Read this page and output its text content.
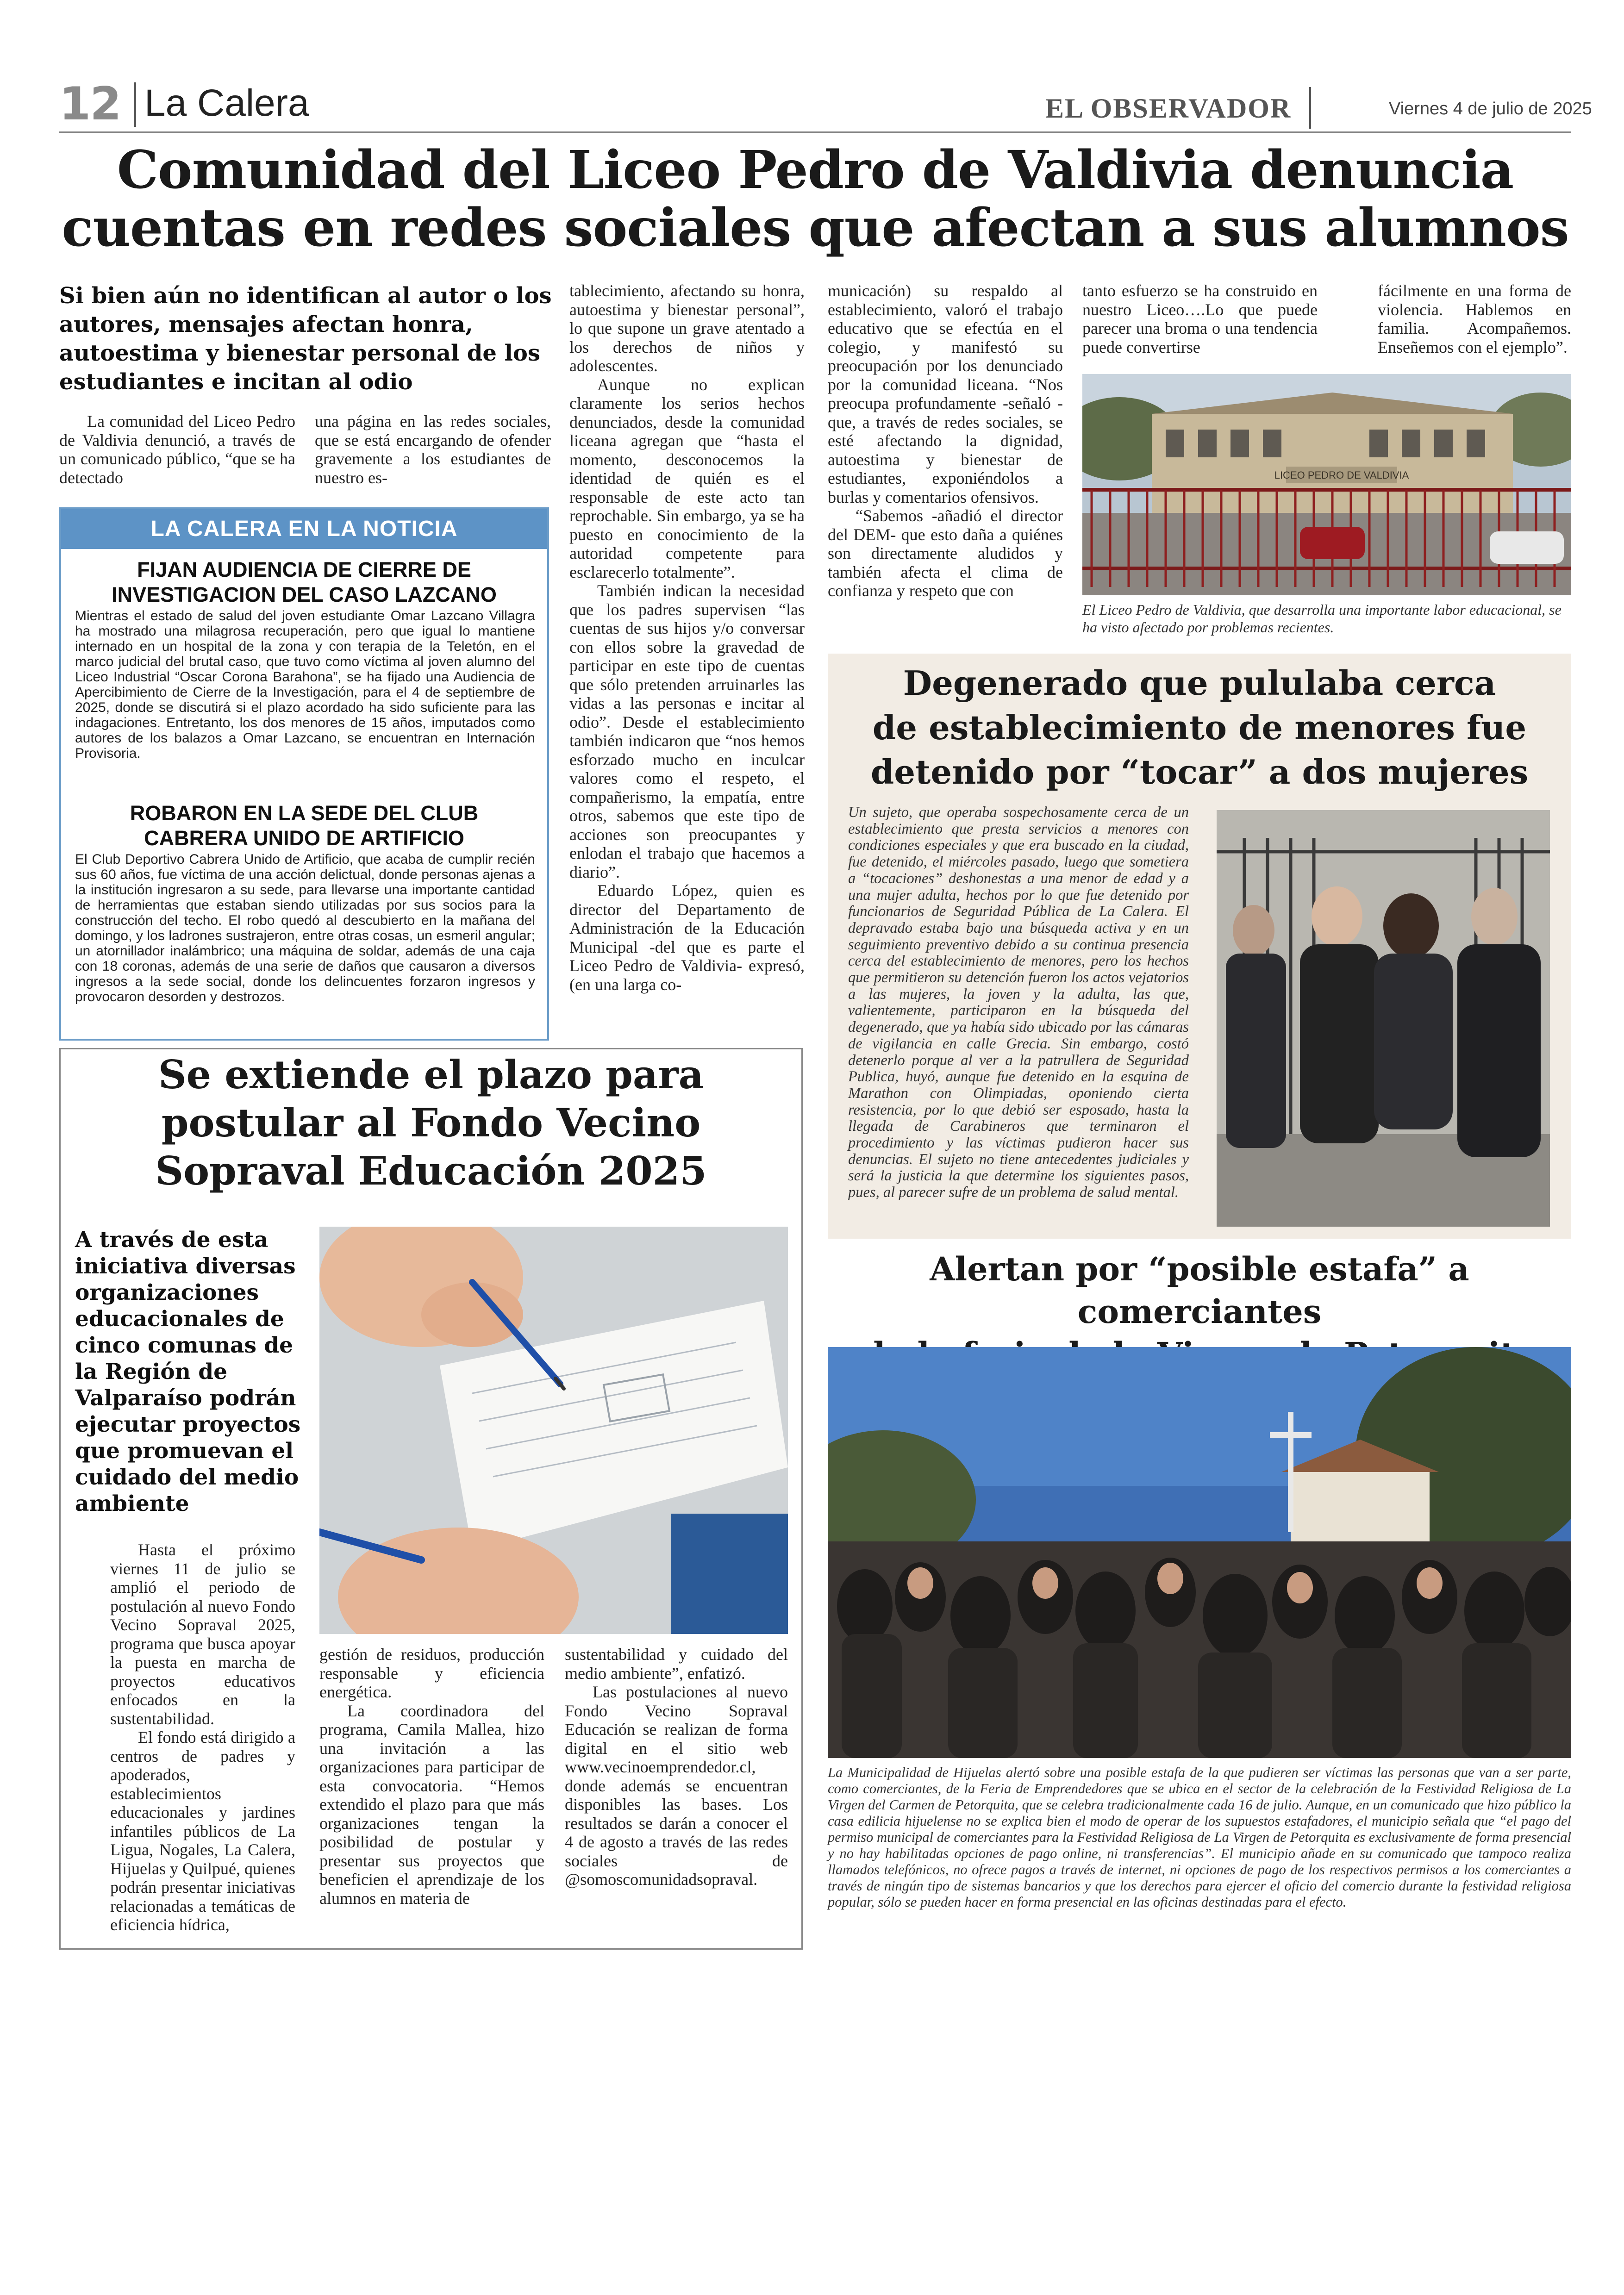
12 La Calera	EL OBSERVADOR	Viernes 4 de julio de 2025
Comunidad del Liceo Pedro de Valdivia denuncia
cuentas en redes sociales que afectan a sus alumnos
Si bien aún no identifican al autor o los autores, mensajes afectan honra, autoestima y bienestar personal de los estudiantes e incitan al odio

La comunidad del Liceo Pedro de Valdivia denunció, a través de un comunicado público, “que se ha detectado

una página en las redes sociales, que se está encargando de ofender gravemente a los estudiantes de nuestro es-

tablecimiento, afectando su honra, autoestima y bienestar personal”, lo que supone un grave atentado a los derechos de niños y adolescentes.

Aunque no explican claramente los serios hechos denunciados, desde la comunidad liceana agregan que “hasta el momento, desconocemos la identidad de quién es el responsable de este acto tan reprochable. Sin embargo, ya se ha puesto en conocimiento de la autoridad competente para esclarecerlo totalmente”.

También indican la necesidad que los padres supervisen “las cuentas de sus hijos y/o conversar con ellos sobre la gravedad de participar en este tipo de cuentas que sólo pretenden arruinarles las vidas a las personas e incitar al odio”. Desde el establecimiento también indicaron que “nos hemos esforzado mucho en inculcar valores como el respeto, el compañerismo, la empatía, entre otros, sabemos que este tipo de acciones son preocupantes y enlodan el trabajo que hacemos a diario”.

Eduardo López, quien es director del Departamento de Administración de la Educación Municipal -del que es parte el Liceo Pedro de Valdivia- expresó, (en una larga co-

municación) su respaldo al establecimiento, valoró el trabajo educativo que se efectúa en el colegio, y manifestó su preocupación por los denunciado por la comunidad liceana. “Nos preocupa profundamente -señaló -que, a través de redes sociales, se esté afectando la dignidad, autoestima y bienestar de estudiantes, exponiéndolos a burlas y comentarios ofensivos.

“Sabemos -añadió el director del DEM- que esto daña a quiénes son directamente aludidos y también afecta el clima de confianza y respeto que con

tanto esfuerzo se ha construido en nuestro Liceo….Lo que puede parecer una broma o una tendencia puede convertirse

fácilmente en una forma de violencia. Hablemos en familia. Acompañemos. Enseñemos con el ejemplo”.

LICEO PEDRO DE VALDIVIA
El Liceo Pedro de Valdivia, que desarrolla una importante labor educacional, se ha visto afectado por problemas recientes.
LA CALERA EN LA NOTICIA
FIJAN AUDIENCIA DE CIERRE DE
INVESTIGACION DEL CASO LAZCANO
Mientras el estado de salud del joven estudiante Omar Lazcano Villagra ha mostrado una milagrosa recuperación, pero que igual lo mantiene internado en un hospital de la zona y con terapia de la Teletón, en el marco judicial del brutal caso, que tuvo como víctima al joven alumno del Liceo Industrial “Oscar Corona Barahona”, se ha fijado una Audiencia de Apercibimiento de Cierre de la Investigación, para el 4 de septiembre de 2025, donde se discutirá si el plazo acordado ha sido suficiente para las indagaciones. Entretanto, los dos menores de 15 años, imputados como autores de los balazos a Omar Lazcano, se encuentran en Internación Provisoria.
ROBARON EN LA SEDE DEL CLUB
CABRERA UNIDO DE ARTIFICIO
El Club Deportivo Cabrera Unido de Artificio, que acaba de cumplir recién sus 60 años, fue víctima de una acción delictual, donde personas ajenas a la institución ingresaron a su sede, para llevarse una importante cantidad de herramientas que estaban siendo utilizadas por sus socios para la construcción del techo. El robo quedó al descubierto en la mañana del domingo, y los ladrones sustrajeron, entre otras cosas, un esmeril angular; un atornillador inalámbrico; una máquina de soldar, además de una caja con 18 coronas, además de una serie de daños que causaron a diversos ingresos a la sede social, donde los delincuentes forzaron ingresos y provocaron desorden y destrozos.
Degenerado que pululaba cerca
de establecimiento de menores fue
detenido por “tocar” a dos mujeres
Un sujeto, que operaba sospechosamente cerca de un establecimiento que presta servicios a menores con condiciones especiales y que era buscado en la ciudad, fue detenido, el miércoles pasado, luego que sometiera a “tocaciones” deshonestas a una menor de edad y a una mujer adulta, hechos por lo que fue detenido por funcionarios de Seguridad Pública de La Calera. El depravado estaba bajo una búsqueda activa y en un seguimiento preventivo debido a su continua presencia cerca del establecimiento de menores, pero los hechos que permitieron su detención fueron los actos vejatorios a las mujeres, la joven y la adulta, las que, valientemente, participaron en la búsqueda del degenerado, que ya había sido ubicado por las cámaras de vigilancia en calle Grecia. Sin embargo, costó detenerlo porque al ver a la patrullera de Seguridad Publica, huyó, aunque fue detenido en la esquina de Marathon con Olimpiadas, oponiendo cierta resistencia, por lo que debió ser esposado, hasta la llegada de Carabineros que terminaron el procedimiento y las víctimas pudieron hacer sus denuncias. El sujeto no tiene antecedentes judiciales y será la justicia la que determine los siguientes pasos, pues, al parecer sufre de un problema de salud mental.
Se extiende el plazo para
postular al Fondo Vecino
Sopraval Educación 2025
A través de esta iniciativa diversas organizaciones educacionales de cinco comunas de la Región de Valparaíso podrán ejecutar proyectos que promuevan el cuidado del medio ambiente

Hasta el próximo viernes 11 de julio se amplió el periodo de postulación al nuevo Fondo Vecino Sopraval 2025, programa que busca apoyar la puesta en marcha de proyectos educativos enfocados en la sustentabilidad.

El fondo está dirigido a centros de padres y apoderados, establecimientos educacionales y jardines infantiles públicos de La Ligua, Nogales, La Calera, Hijuelas y Quilpué, quienes podrán presentar iniciativas relacionadas a temáticas de eficiencia hídrica,

gestión de residuos, producción responsable y eficiencia energética.

La coordinadora del programa, Camila Mallea, hizo una invitación a las organizaciones para participar de esta convocatoria. “Hemos extendido el plazo para que más organizaciones tengan la posibilidad de postular y presentar sus proyectos que beneficien el aprendizaje de los alumnos en materia de

sustentabilidad y cuidado del medio ambiente”, enfatizó.

Las postulaciones al nuevo Fondo Vecino Sopraval Educación se realizan de forma digital en el sitio web www.vecinoemprendedor.cl, donde además se encuentran disponibles las bases. Los resultados se darán a conocer el 4 de agosto a través de las redes sociales de @somoscomunidadsopraval.

Alertan por “posible estafa” a comerciantes
La Municipalidad de Hijuelas alertó sobre una posible estafa de la que pudieren ser víctimas las personas que van a ser parte, como comerciantes, de la Feria de Emprendedores que se ubica en el sector de la celebración de la Festividad Religiosa de La Virgen del Carmen de Petorquita, que se celebra tradicionalmente cada 16 de julio. Aunque, en un comunicado que hizo público la casa edilicia hijuelense no se explica bien el modo de operar de los supuestos estafadores, el municipio señala que “el pago del permiso municipal de comerciantes para la Festividad Religiosa de La Virgen de Petorquita es exclusivamente de forma presencial y no hay habilitadas opciones de pago online, ni transferencias”. El municipio añade en su comunicado que tampoco realiza llamados telefónicos, no ofrece pagos a través de internet, ni opciones de pago de los respectivos permisos a los comerciantes a través de ningún tipo de sistemas bancarios y que los derechos para ejercer el oficio del comercio durante la festividad religiosa popular, sólo se pueden hacer en forma presencial en las oficinas destinadas para el efecto.
